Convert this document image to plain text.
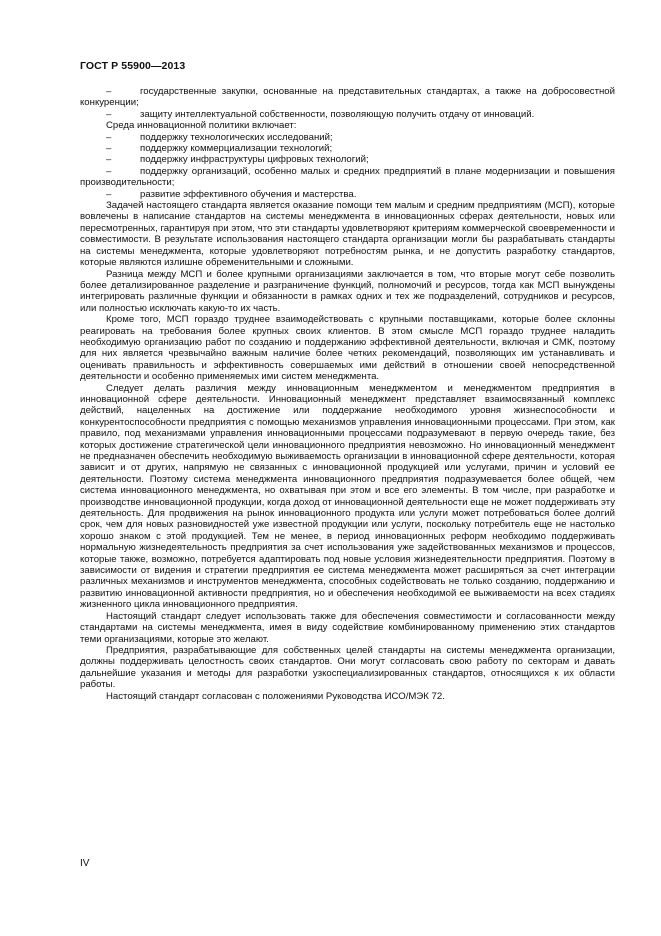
ГОСТ Р 55900—2013
–	государственные закупки, основанные на представительных стандартах, а также на добросовестной конкуренции;
–	защиту интеллектуальной собственности, позволяющую получить отдачу от инноваций.

Среда инновационной политики включает:

–	поддержку технологических исследований;
–	поддержку коммерциализации технологий;
–	поддержку инфраструктуры цифровых технологий;
–	поддержку организаций, особенно малых и средних предприятий в плане модернизации и повышения производительности;
–	развитие эффективного обучения и мастерства.

Задачей настоящего стандарта является оказание помощи тем малым и средним предприятиям (МСП), которые вовлечены в написание стандартов на системы менеджмента в инновационных сферах деятельности, новых или пересмотренных, гарантируя при этом, что эти стандарты удовлетворяют критериям коммерческой своевременности и совместимости. В результате использования настоящего стандарта организации могли бы разрабатывать стандарты на системы менеджмента, которые удовлетворяют потребностям рынка, и не допустить разработку стандартов, которые являются излишне обременительными и сложными.

Разница между МСП и более крупными организациями заключается в том, что вторые могут себе позволить более детализированное разделение и разграничение функций, полномочий и ресурсов, тогда как МСП вынуждены интегрировать различные функции и обязанности в рамках одних и тех же подразделений, сотрудников и ресурсов, или полностью исключать какую-то их часть.

Кроме того, МСП гораздо труднее взаимодействовать с крупными поставщиками, которые более склонны реагировать на требования более крупных своих клиентов. В этом смысле МСП гораздо труднее наладить необходимую организацию работ по созданию и поддержанию эффективной деятельности, включая и СМК, поэтому для них является чрезвычайно важным наличие более четких рекомендаций, позволяющих им устанавливать и оценивать правильность и эффективность совершаемых ими действий в отношении своей непосредственной деятельности и особенно применяемых ими систем менеджмента.

Следует делать различия между инновационным менеджментом и менеджментом предприятия в инновационной сфере деятельности. Инновационный менеджмент представляет взаимосвязанный комплекс действий, нацеленных на достижение или поддержание необходимого уровня жизнеспособности и конкурентоспособности предприятия с помощью механизмов управления инновационными процессами. При этом, как правило, под механизмами управления инновационными процессами подразумевают в первую очередь такие, без которых достижение стратегической цели инновационного предприятия невозможно. Но инновационный менеджмент не предназначен обеспечить необходимую выживаемость организации в инновационной сфере деятельности, которая зависит и от других, напрямую не связанных с инновационной продукцией или услугами, причин и условий ее деятельности. Поэтому система менеджмента инновационного предприятия подразумевается более общей, чем система инновационного менеджмента, но охватывая при этом и все его элементы. В том числе, при разработке и производстве инновационной продукции, когда доход от инновационной деятельности еще не может поддерживать эту деятельность. Для продвижения на рынок инновационного продукта или услуги может потребоваться более долгий срок, чем для новых разновидностей уже известной продукции или услуги, поскольку потребитель еще не настолько хорошо знаком с этой продукцией. Тем не менее, в период инновационных реформ необходимо поддерживать нормальную жизнедеятельность предприятия за счет использования уже задействованных механизмов и процессов, которые также, возможно, потребуется адаптировать под новые условия жизнедеятельности предприятия. Поэтому в зависимости от видения и стратегии предприятия ее система менеджмента может расширяться за счет интеграции различных механизмов и инструментов менеджмента, способных содействовать не только созданию, поддержанию и развитию инновационной активности предприятия, но и обеспечения необходимой ее выживаемости на всех стадиях жизненного цикла инновационного предприятия.

Настоящий стандарт следует использовать также для обеспечения совместимости и согласованности между стандартами на системы менеджмента, имея в виду содействие комбинированному применению этих стандартов теми организациями, которые это желают.

Предприятия, разрабатывающие для собственных целей стандарты на системы менеджмента организации, должны поддерживать целостность своих стандартов. Они могут согласовать свою работу по секторам и давать дальнейшие указания и методы для разработки узкоспециализированных стандартов, относящихся к их области работы.

Настоящий стандарт согласован с положениями Руководства ИСО/МЭК 72.

IV
